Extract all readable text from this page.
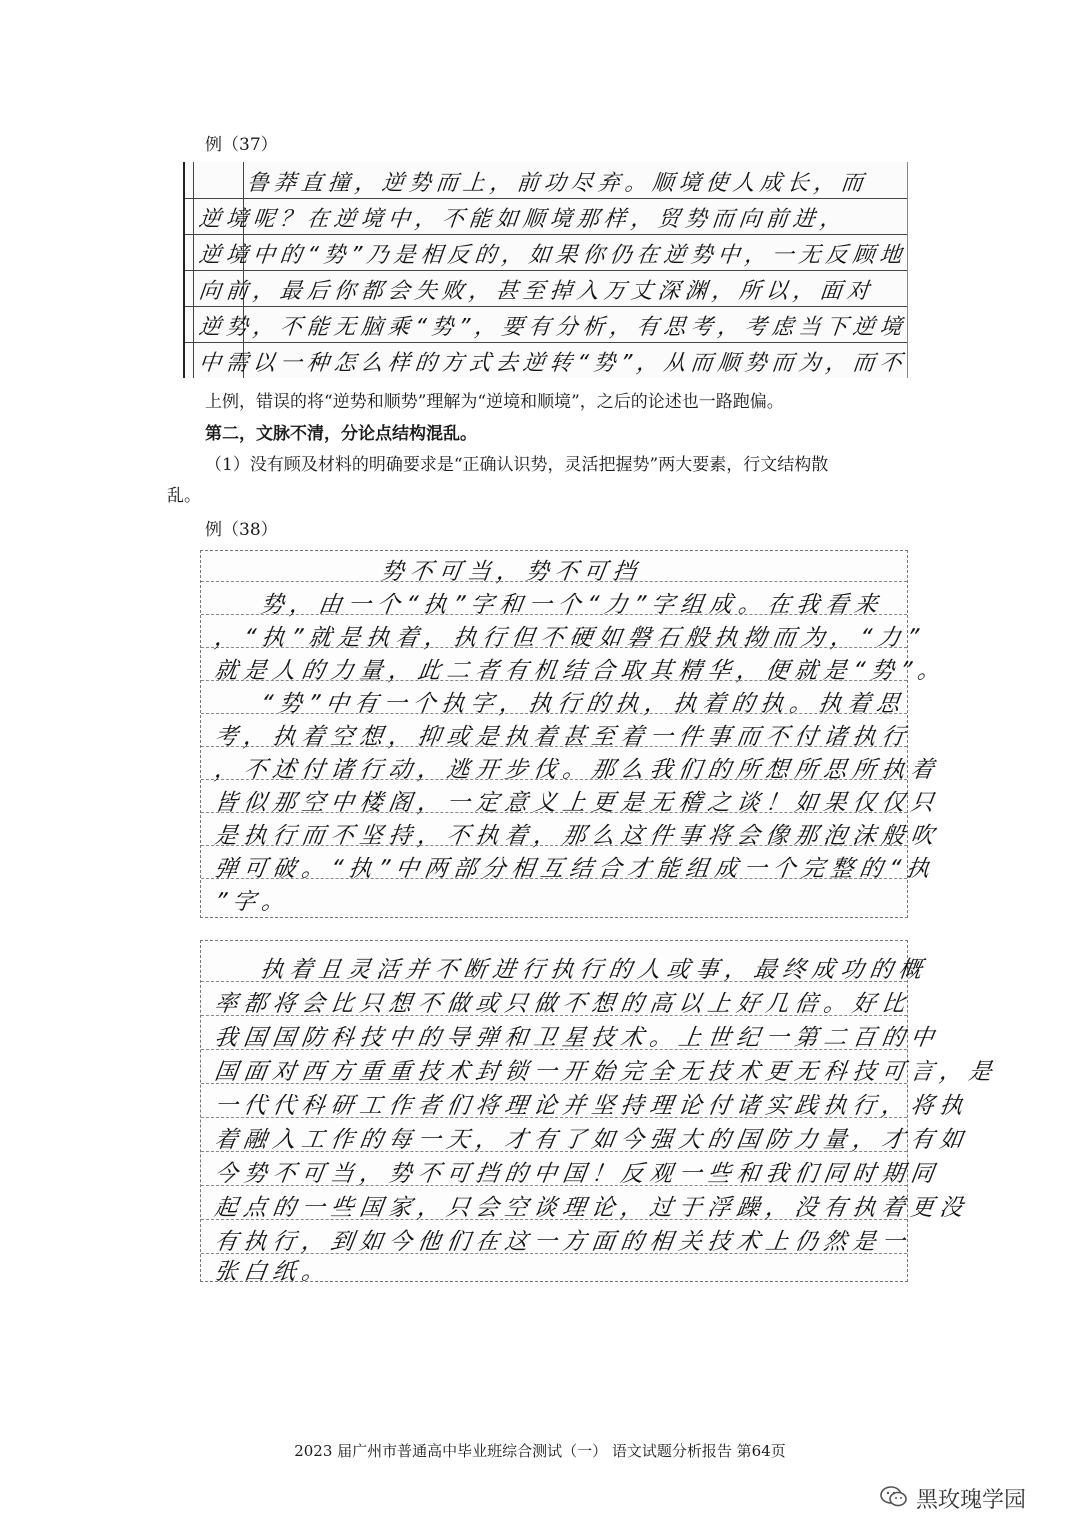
例（37）
鲁莽直撞，逆势而上，前功尽弃。顺境使人成长，而
逆境呢？在逆境中，不能如顺境那样，贸势而向前进，
逆境中的“势”乃是相反的，如果你仍在逆势中，一无反顾地
向前，最后你都会失败，甚至掉入万丈深渊，所以，面对
逆势，不能无脑乘“势”，要有分析，有思考，考虑当下逆境
中需以一种怎么样的方式去逆转“势”，从而顺势而为，而不
上例，错误的将“逆势和顺势”理解为“逆境和顺境”，之后的论述也一路跑偏。
第二，文脉不清，分论点结构混乱。
（1）没有顾及材料的明确要求是“正确认识势，灵活把握势”两大要素，行文结构散
乱。
例（38）
势不可当，势不可挡
势，由一个“执”字和一个“力”字组成。在我看来
，“执”就是执着，执行但不硬如磐石般执拗而为，“力”
就是人的力量，此二者有机结合取其精华，便就是“势”。
“势”中有一个执字，执行的执，执着的执。执着思
考，执着空想，抑或是执着甚至着一件事而不付诸执行
，不述付诸行动，逃开步伐。那么我们的所想所思所执着
皆似那空中楼阁，一定意义上更是无稽之谈！如果仅仅只
是执行而不坚持，不执着，那么这件事将会像那泡沫般吹
弹可破。“执”中两部分相互结合才能组成一个完整的“执
”字。
执着且灵活并不断进行执行的人或事，最终成功的概
率都将会比只想不做或只做不想的高以上好几倍。好比
我国国防科技中的导弹和卫星技术。上世纪一第二百的中
国面对西方重重技术封锁一开始完全无技术更无科技可言，是
一代代科研工作者们将理论并坚持理论付诸实践执行，将执
着融入工作的每一天，才有了如今强大的国防力量，才有如
今势不可当，势不可挡的中国！反观一些和我们同时期同
起点的一些国家，只会空谈理论，过于浮躁，没有执着更没
有执行，到如今他们在这一方面的相关技术上仍然是一
张白纸。
2023 届广州市普通高中毕业班综合测试（一） 语文试题分析报告 第64页
黑玫瑰学园
